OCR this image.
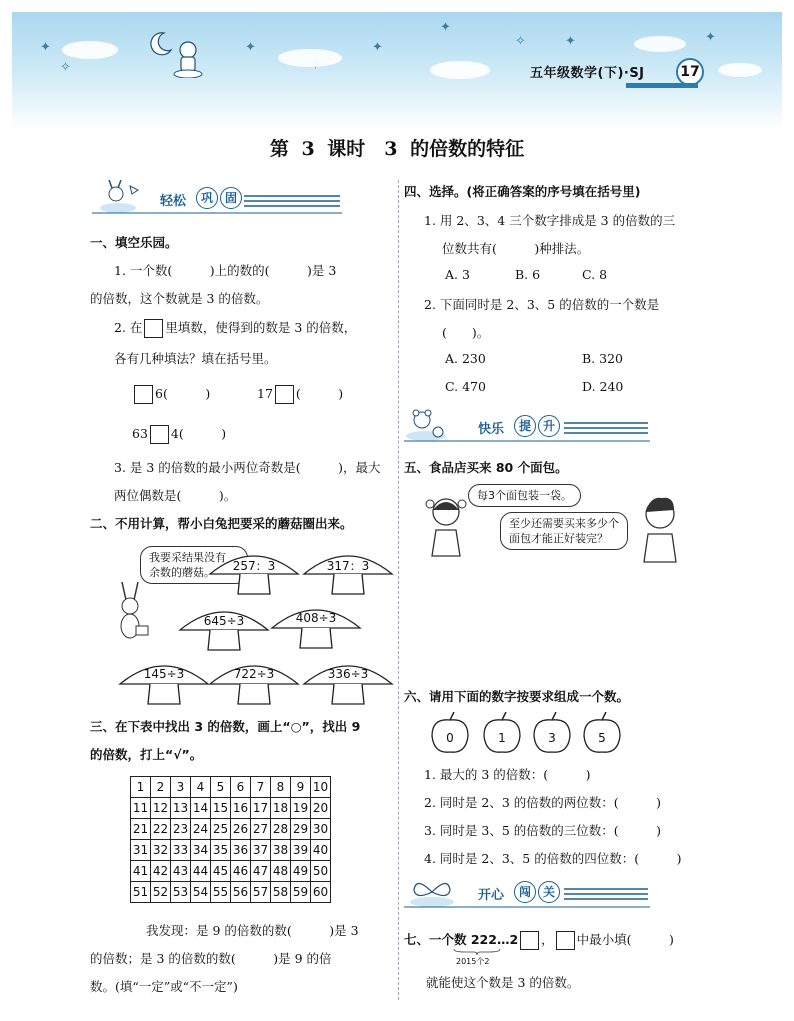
✦
✧
✦	✦
✦
✧	✦	✦
五年级数学(下)·SJ	17
第 3 课时　3 的倍数的特征
轻松	巩 固
一、填空乐园。
1. 一个数(　　　)上的数的(　　　)是 3
的倍数，这个数就是 3 的倍数。
2. 在 里填数，使得到的数是 3 的倍数，
各有几种填法？填在括号里。
6(　　　)	17 (　　　)
63 4(　　　)
3. 是 3 的倍数的最小两位奇数是(　　　)，最大
两位偶数是(　　　)。
二、不用计算，帮小白兔把要采的蘑菇圈出来。
我要采结果没有
余数的蘑菇。	257：3	317：3
645÷3	408÷3
145÷3	722÷3	336÷3
三、在下表中找出 3 的倍数，画上“○”，找出 9
的倍数，打上“√”。
1	2	3	4	5	6	7	8	9	10
11	12	13	14	15	16	17	18	19	20
21	22	23	24	25	26	27	28	29	30
31	32	33	34	35	36	37	38	39	40
41	42	43	44	45	46	47	48	49	50
51	52	53	54	55	56	57	58	59	60
我发现：是 9 的倍数的数(　　　)是 3
的倍数；是 3 的倍数的数(　　　)是 9 的倍
数。(填“一定”或“不一定”)
四、选择。(将正确答案的序号填在括号里)
1. 用 2、3、4 三个数字排成是 3 的倍数的三
位数共有(　　　)种排法。
A. 3	B. 6	C. 8
2. 下面同时是 2、3、5 的倍数的一个数是
(　　)。
A. 230	B. 320
C. 470	D. 240
快乐	提 升
五、食品店买来 80 个面包。
每3个面包装一袋。
至少还需要买来多少个
面包才能正好装完？
六、请用下面的数字按要求组成一个数。
0	1	3	5
1. 最大的 3 的倍数：(　　　)
2. 同时是 2、3 的倍数的两位数：(　　　)
3. 同时是 3、5 的倍数的三位数：(　　　)
4. 同时是 2、3、5 的倍数的四位数：(　　　)
开心	闯 关
七、一个数 222…2 ， 中最小填(　　　)
2015个2
就能使这个数是 3 的倍数。
